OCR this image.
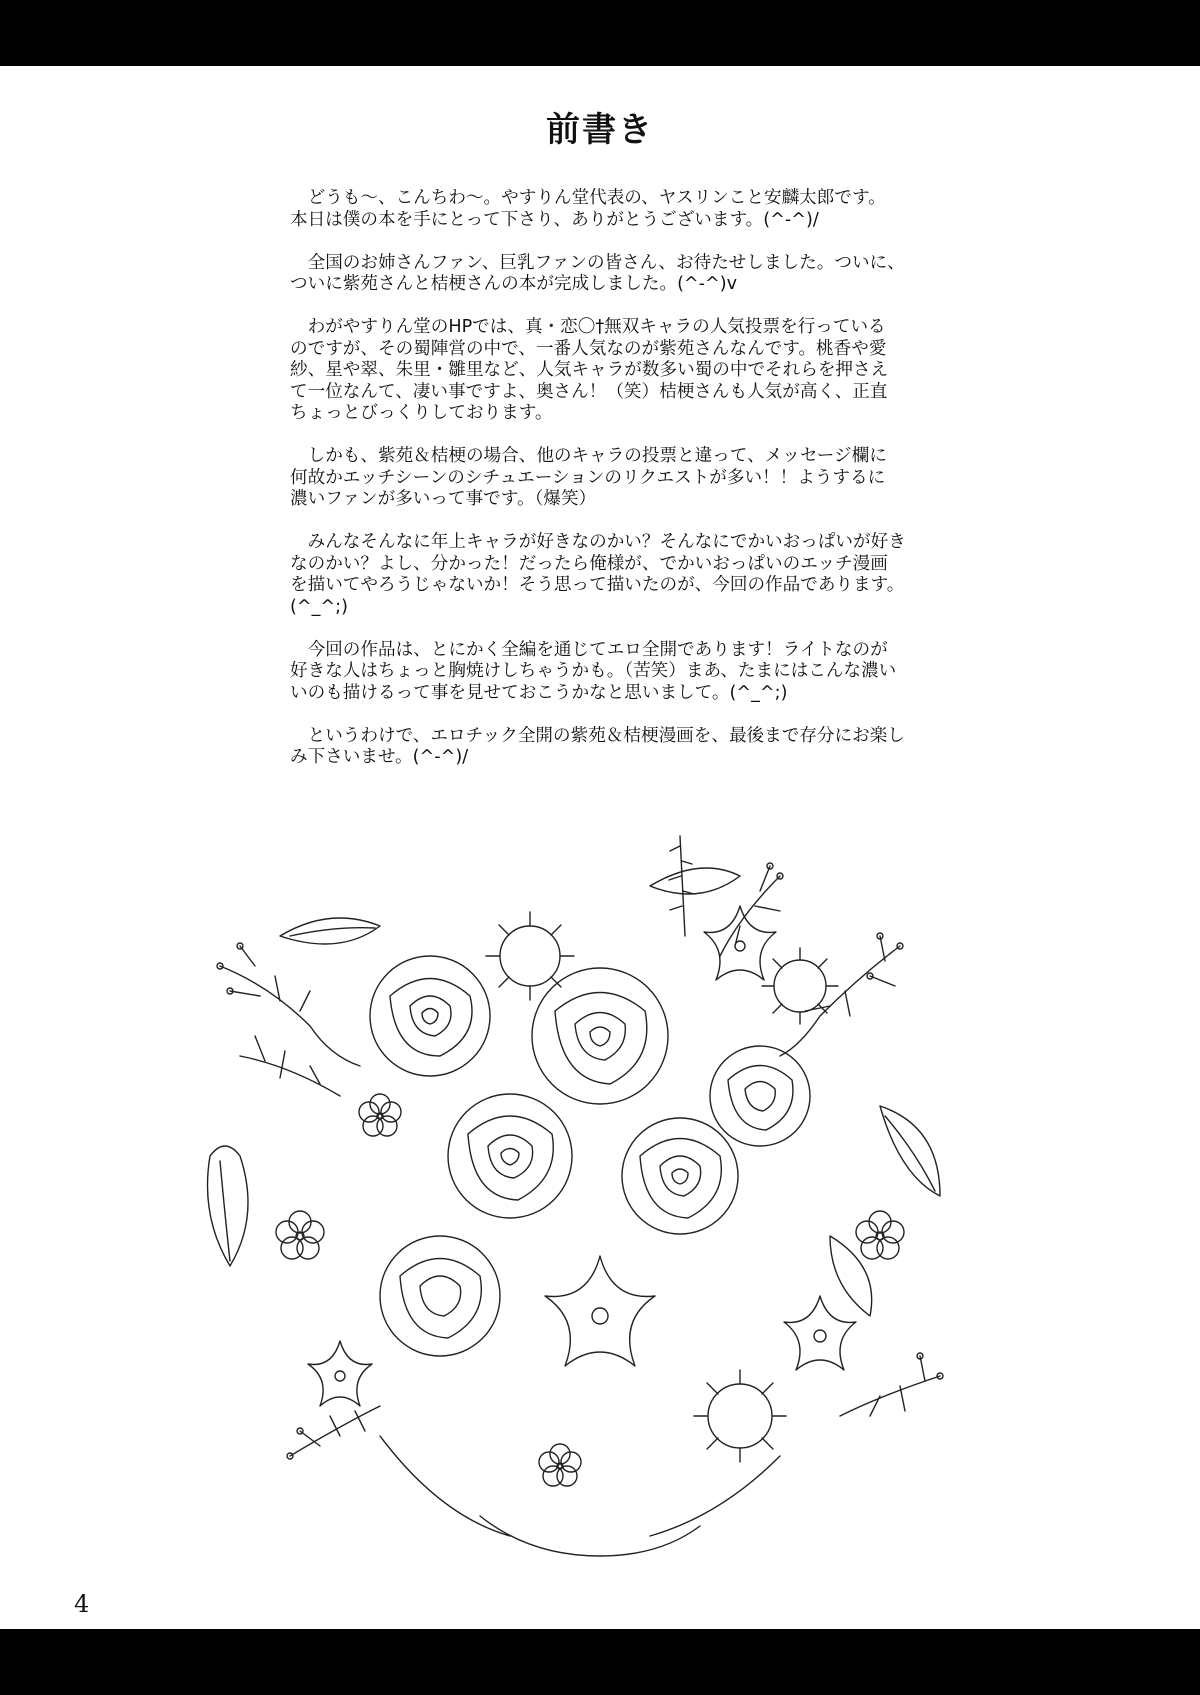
前書き

　どうも〜、こんちわ〜。やすりん堂代表の、ヤスリンこと安麟太郎です。
本日は僕の本を手にとって下さり、ありがとうございます。(^-^)/

　全国のお姉さんファン、巨乳ファンの皆さん、お待たせしました。ついに、
ついに紫苑さんと桔梗さんの本が完成しました。(^-^)v

　わがやすりん堂のHPでは、真・恋〇†無双キャラの人気投票を行っている
のですが、その蜀陣営の中で、一番人気なのが紫苑さんなんです。桃香や愛
紗、星や翠、朱里・雛里など、人気キャラが数多い蜀の中でそれらを押さえ
て一位なんて、凄い事ですよ、奥さん！（笑）桔梗さんも人気が高く、正直
ちょっとびっくりしております。

　しかも、紫苑＆桔梗の場合、他のキャラの投票と違って、メッセージ欄に
何故かエッチシーンのシチュエーションのリクエストが多い！！ようするに
濃いファンが多いって事です。（爆笑）

　みんなそんなに年上キャラが好きなのかい？そんなにでかいおっぱいが好き
なのかい？よし、分かった！だったら俺様が、でかいおっぱいのエッチ漫画
を描いてやろうじゃないか！そう思って描いたのが、今回の作品であります。
(^_^;)

　今回の作品は、とにかく全編を通じてエロ全開であります！ライトなのが
好きな人はちょっと胸焼けしちゃうかも。（苦笑）まあ、たまにはこんな濃い
いのも描けるって事を見せておこうかなと思いまして。(^_^;)

　というわけで、エロチック全開の紫苑＆桔梗漫画を、最後まで存分にお楽し
み下さいませ。(^-^)/

4
